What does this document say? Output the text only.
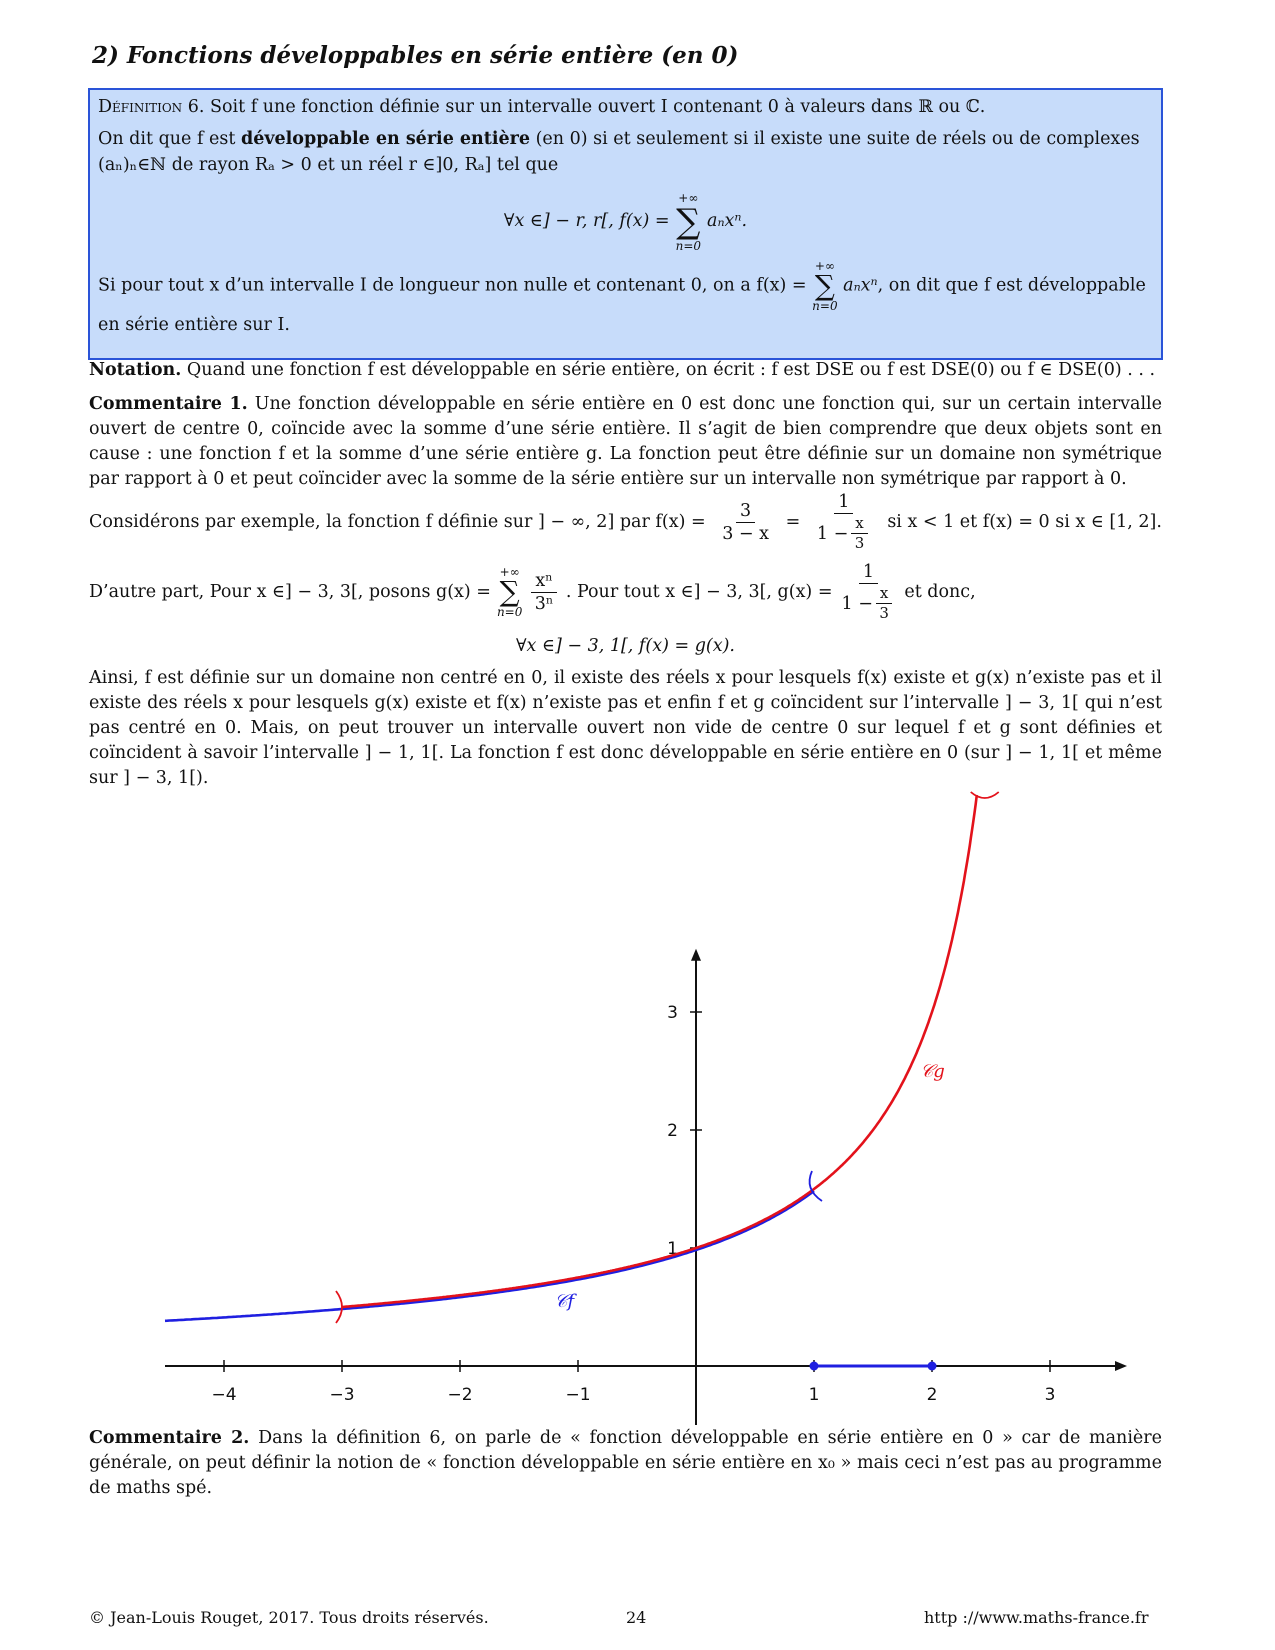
2) Fonctions développables en série entière (en 0)

Définition 6. Soit f une fonction définie sur un intervalle ouvert I contenant 0 à valeurs dans ℝ ou ℂ.

On dit que f est développable en série entière (en 0) si et seulement si il existe une suite de réels ou de complexes (aₙ)ₙ∈ℕ de rayon Rₐ > 0 et un réel r ∈]0, Rₐ] tel que

∀x ∈] − r, r[, f(x) =
+∞
∑
n=0
aₙxⁿ.

Si pour tout x d’un intervalle I de longueur non nulle et contenant 0, on a f(x) =
+∞
∑
n=0
aₙxⁿ, on dit que f est développable

en série entière sur I.

Notation. Quand une fonction f est développable en série entière, on écrit : f est DSE ou f est DSE(0) ou f ∈ DSE(0) . . .

Commentaire 1. Une fonction développable en série entière en 0 est donc une fonction qui, sur un certain intervalle ouvert de centre 0, coïncide avec la somme d’une série entière. Il s’agit de bien comprendre que deux objets sont en cause : une fonction f et la somme d’une série entière g. La fonction peut être définie sur un domaine non symétrique par rapport à 0 et peut coïncider avec la somme de la série entière sur un intervalle non symétrique par rapport à 0.

Considérons par exemple, la fonction f définie sur ] − ∞, 2] par $f(x) = \frac{3}{3 - x} = \frac{1}{1 - \frac{x}{3}}$ si x < 1 et f(x) = 0 si x ∈ [1, 2].
D’autre part, Pour x ∈] − 3, 3[, posons g(x) =
+∞
∑
$n=0 \frac{\text{xⁿ}}{\text{3ⁿ}}$ . Pour tout x ∈] − 3, 3[, $g(x) = \frac{1}{1 - \frac{x}{3}}$ et donc,
∀x ∈] − 3, 1[, f(x) = g(x).

Ainsi, f est définie sur un domaine non centré en 0, il existe des réels x pour lesquels f(x) existe et g(x) n’existe pas et il existe des réels x pour lesquels g(x) existe et f(x) n’existe pas et enfin f et g coïncident sur l’intervalle ] − 3, 1[ qui n’est pas centré en 0. Mais, on peut trouver un intervalle ouvert non vide de centre 0 sur lequel f et g sont définies et coïncident à savoir l’intervalle ] − 1, 1[. La fonction f est donc développable en série entière en 0 (sur ] − 1, 1[ et même sur ] − 3, 1[).

−4	−3	−2	−1	1	2	3
1
2
3
𝒞g
𝒞f

Commentaire 2. Dans la définition 6, on parle de « fonction développable en série entière en 0 » car de manière générale, on peut définir la notion de « fonction développable en série entière en x₀ » mais ceci n’est pas au programme de maths spé.

© Jean-Louis Rouget, 2017. Tous droits réservés.	24	http ://www.maths-france.fr
